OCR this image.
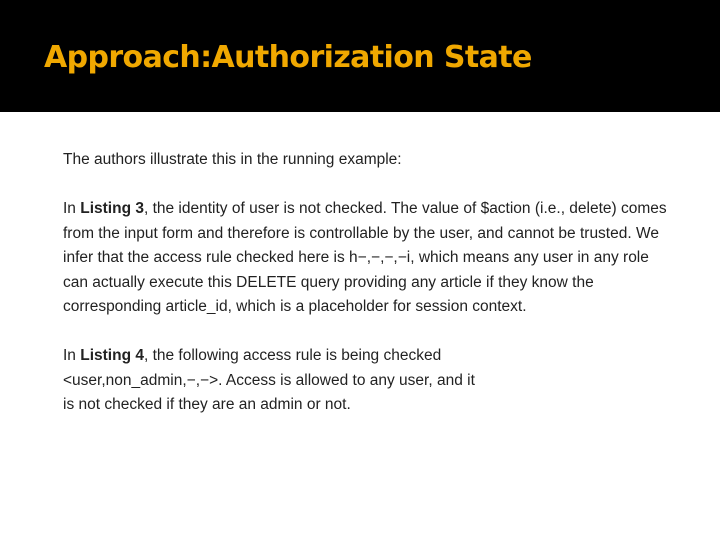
Approach:Authorization State

The authors illustrate this in the running example:

In Listing 3, the identity of user is not checked. The value of $action (i.e., delete) comes from the input form and therefore is controllable by the user, and cannot be trusted. We infer that the access rule checked here is h−,−,−,−i, which means any user in any role can actually execute this DELETE query providing any article if they know the corresponding article_id, which is a placeholder for session context.

In Listing 4, the following access rule is being checked
<user,non_admin,−,−>. Access is allowed to any user, and it
is not checked if they are an admin or not.
